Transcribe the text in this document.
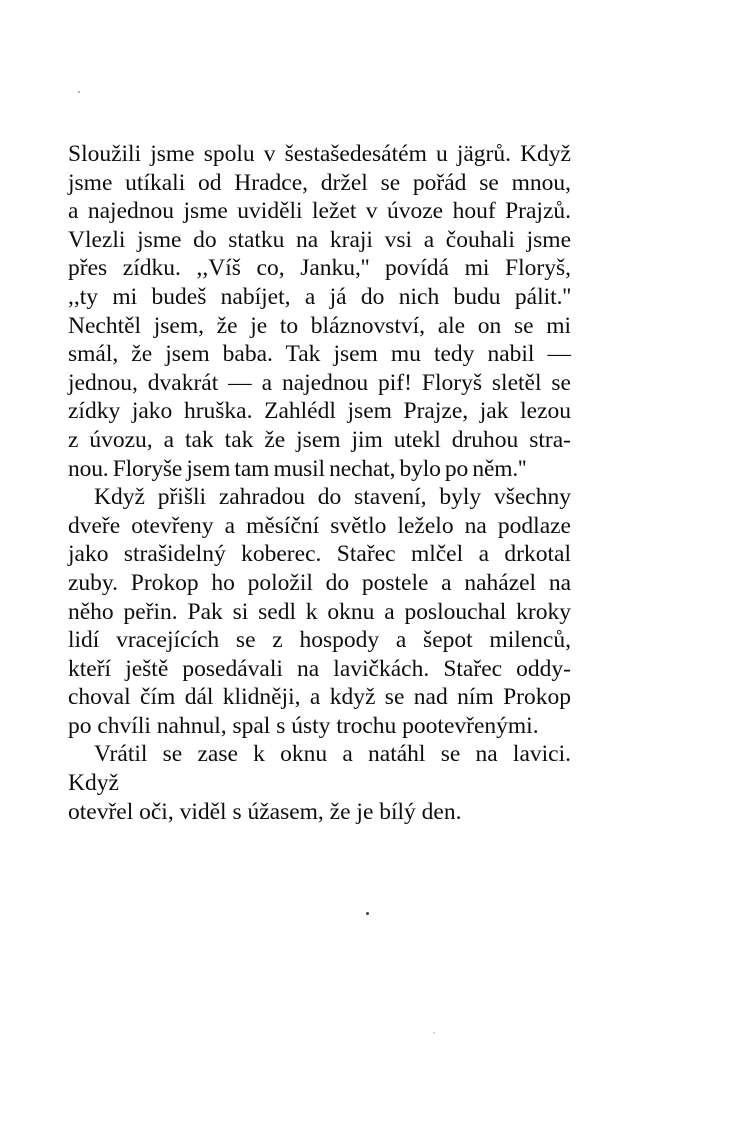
Sloužili jsme spolu v šestašedesátém u jägrů. Když
jsme utíkali od Hradce, držel se pořád se mnou,
a najednou jsme uviděli ležet v úvoze houf Prajzů.
Vlezli jsme do statku na kraji vsi a čouhali jsme
přes zídku. ,,Víš co, Janku,'' povídá mi Floryš,
,,ty mi budeš nabíjet, a já do nich budu pálit.''
Nechtěl jsem, že je to bláznovství, ale on se mi
smál, že jsem baba. Tak jsem mu tedy nabil —
jednou, dvakrát — a najednou pif! Floryš sletěl se
zídky jako hruška. Zahlédl jsem Prajze, jak lezou
z úvozu, a tak tak že jsem jim utekl druhou stra-
nou. Floryše jsem tam musil nechat, bylo po něm.''

Když přišli zahradou do stavení, byly všechny
dveře otevřeny a měsíční světlo leželo na podlaze
jako strašidelný koberec. Stařec mlčel a drkotal
zuby. Prokop ho položil do postele a naházel na
něho peřin. Pak si sedl k oknu a poslouchal kroky
lidí vracejících se z hospody a šepot milenců,
kteří ještě posedávali na lavičkách. Stařec oddy-
choval čím dál klidněji, a když se nad ním Prokop
po chvíli nahnul, spal s ústy trochu pootevřenými.

Vrátil se zase k oknu a natáhl se na lavici. Když
otevřel oči, viděl s úžasem, že je bílý den.
